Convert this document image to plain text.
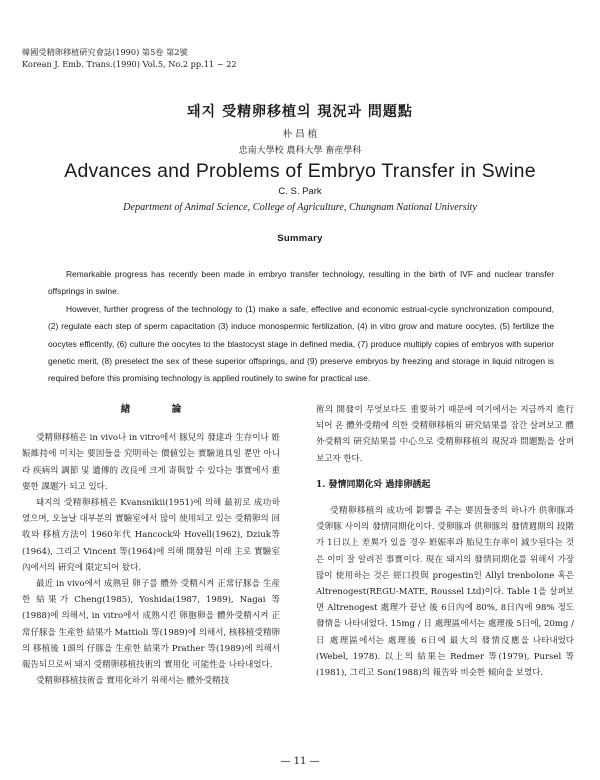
韓國受精卵移植硏究會誌(1990) 第5卷 第2號
Korean J. Emb. Trans.(1990) Vol.5, No.2 pp.11 ~ 22
돼지 受精卵移植의 現況과 問題點
朴 昌 植
忠南大學校 農科大學 畜産學科
Advances and Problems of Embryo Transfer in Swine
C. S. Park
Department of Animal Science, College of Agriculture, Chungnam National University
Summary

Remarkable progress has recently been made in embryo transfer technology, resulting in the birth of IVF and nuclear transfer offsprings in swine.

However, further progress of the technology to (1) make a safe, effective and economic estrual-cycle synchronization compound, (2) regulate each step of sperm capacitation (3) induce monospermic fertilization, (4) in vitro grow and mature oocytes, (5) fertilize the oocytes efficently, (6) culture the oocytes to the blastocyst stage in defined media, (7) produce multiply copies of embryos with superior genetic merit, (8) preselect the sex of these superior offsprings, and (9) preserve embryos by freezing and storage in liquid nitrogen is required before this promising technology is applied routinely to swine for practical use.

緖　論

受精卵移植은 in vivo나 in vitro에서 豚兒의 發達과 生存이나 姙娠維持에 미치는 要因들을 究明하는 價値있는 實驗道具일 뿐만 아니라 疾病의 調節 및 遺傳的 改良에 크게 寄與할 수 있다는 事實에서 重要한 課題가 되고 있다.

돼지의 受精卵移植은 Kvansnikii(1951)에 의해 最初로 成功하였으며, 오늘날 대부분의 實驗室에서 많이 使用되고 있는 受精卵의 回收와 移植方法이 1960年代 Hancock와 Hovell(1962), Dziuk等(1964), 그리고 Vincent 等(1964)에 의해 開發된 이래 主로 實驗室內에서의 硏究에 限定되어 왔다.

最近 in vivo에서 成熟된 卵子를 體外 受精시켜 正常仔豚을 生産한 結果가 Cheng(1985), Yoshida(1987, 1989), Nagai 等(1988)에 의해서, in vitro에서 成熟시킨 卵胞卵을 體外受精시켜 正常仔豚을 生産한 結果가 Mattioli 等(1989)에 의해서, 核移植受精卵의 移植後 1頭의 仔豚을 生産한 結果가 Prather 等(1989)에 의해서 報告되므로써 돼지 受精卵移植技術의 實用化 可能性을 나타내었다.

受精卵移植技術을 實用化하기 위해서는 體外受精技

術의 開發이 무엇보다도 重要하기 때문에 여기에서는 지금까지 進行되어 온 體外受精에 의한 受精卵移植의 硏究結果를 잠간 살펴보고 體外受精의 硏究結果를 中心으로 受精卵移植의 現況과 問題點을 살펴보고자 한다.

1. 發情同期化와 過排卵誘起

受精卵移植의 成功에 影響을 주는 要因들중의 하나가 供卵豚과 受卵豚 사이의 發情同期化이다. 受卵豚과 供卵豚의 發情週期의 段階가 1日以上 差異가 있을 경우 姙娠率과 胎兒生存率이 減少된다는 것은 이미 잘 알려진 事實이다. 現在 돼지의 發情同期化를 위해서 가장 많이 使用하는 것은 經口投與 progestin인 Allyl trenbolone 혹은 Altrenogest(REGU-MATE, Roussel Ltd)이다. Table 1을 살펴보면 Altrenogest 處理가 끝난 後 6日內에 80%, 8日內에 98% 정도 發情을 나타내었다. 15mg / 日 處理區에서는 處理後 5日에, 20mg / 日 處理區에서는 處理後 6日에 最大의 發情反應을 나타내었다(Webel, 1978). 以上의 結果는 Redmer 等(1979), Pursel 等(1981), 그리고 Son(1988)의 報告와 비슷한 傾向을 보였다.

— 11 —
